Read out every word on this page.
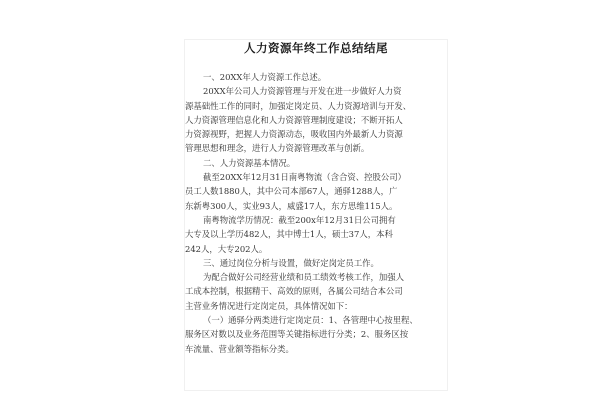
人力资源年终工作总结结尾
一、20XX年人力资源工作总述。
20XX年公司人力资源管理与开发在进一步做好人力资
源基础性工作的同时，加强定岗定员、人力资源培训与开发、
人力资源管理信息化和人力资源管理制度建设；不断开拓人
力资源视野，把握人力资源动态，吸收国内外最新人力资源
管理思想和理念，进行人力资源管理改革与创新。
二、人力资源基本情况。
截至20XX年12月31日南粤物流（含合资、控股公司）
员工人数1880人，其中公司本部67人，通驿1288人，广
东新粤300人，实业93人，威盛17人，东方思维115人。
南粤物流学历情况：截至200x年12月31日公司拥有
大专及以上学历482人，其中博士1人，硕士37人，本科
242人，大专202人。
三、通过岗位分析与设置，做好定岗定员工作。
为配合做好公司经营业绩和员工绩效考核工作，加强人
工成本控制，根据精干、高效的原则，各属公司结合本公司
主营业务情况进行定岗定员，具体情况如下：
（一）通驿分两类进行定岗定员：1、各管理中心按里程、
服务区对数以及业务范围等关键指标进行分类；2、服务区按
车流量、营业额等指标分类。
